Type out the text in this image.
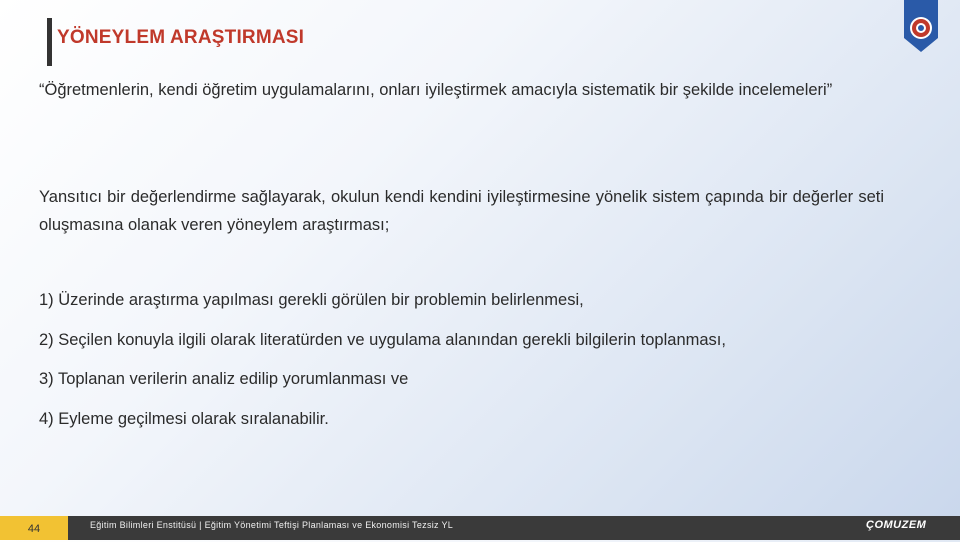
YÖNEYLEM ARAŞTIRMASI
“Öğretmenlerin, kendi öğretim uygulamalarını, onları iyileştirmek amacıyla sistematik bir şekilde incelemeleri”
Yansıtıcı bir değerlendirme sağlayarak, okulun kendi kendini iyileştirmesine yönelik sistem çapında bir değerler seti oluşmasına olanak veren yöneylem araştırması;
1) Üzerinde araştırma yapılması gerekli görülen bir problemin belirlenmesi,
2) Seçilen konuyla ilgili olarak literatürden ve uygulama alanından gerekli bilgilerin toplanması,
3) Toplanan verilerin analiz edilip yorumlanması ve
4) Eyleme geçilmesi olarak sıralanabilir.
44	Eğitim Bilimleri Enstitüsü | Eğitim Yönetimi Teftişi Planlaması ve Ekonomisi Tezsiz YL	ÇOMUZEM
